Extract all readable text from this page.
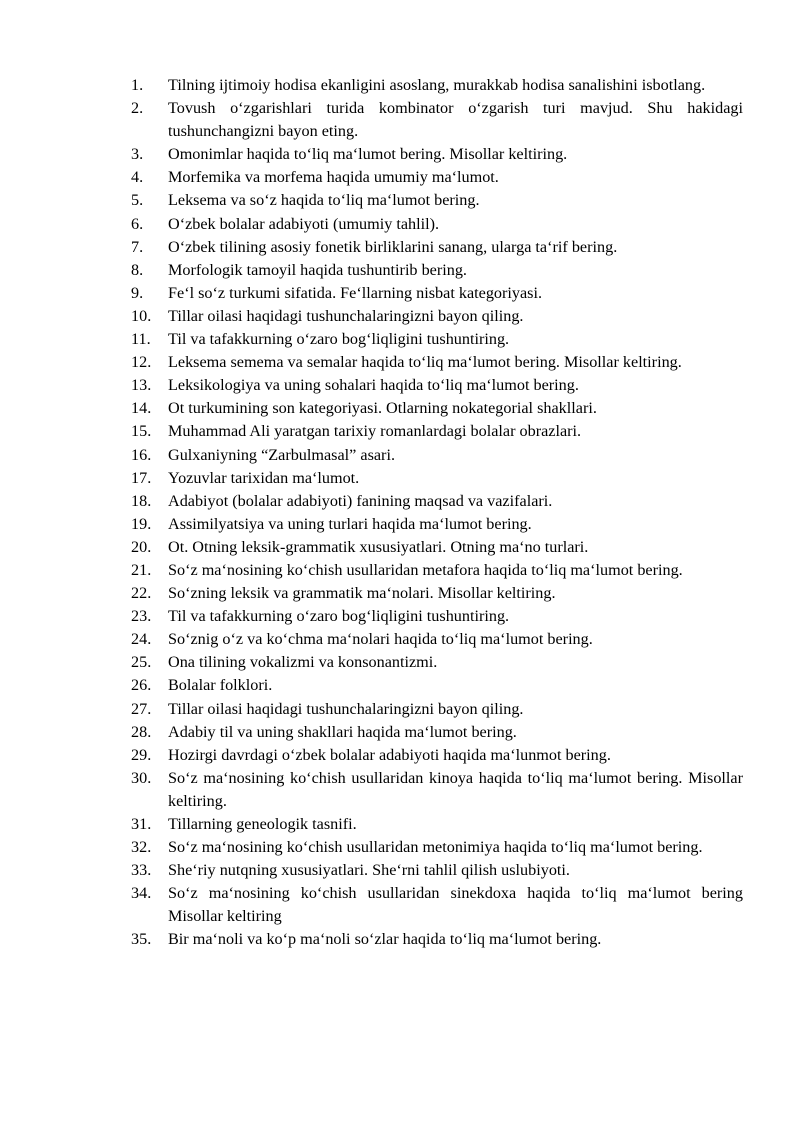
1.	Tilning ijtimoiy hodisa ekanligini asoslang, murakkab hodisa sanalishini isbotlang.
2.	Tovush o‘zgarishlari turida kombinator o‘zgarish turi mavjud. Shu hakidagi tushunchangizni bayon eting.
3.	Omonimlar haqida to‘liq ma‘lumot bering. Misollar keltiring.
4.	Morfemika va morfema haqida umumiy ma‘lumot.
5.	Leksema va so‘z haqida to‘liq ma‘lumot bering.
6.	O‘zbek bolalar adabiyoti (umumiy tahlil).
7.	O‘zbek tilining asosiy fonetik birliklarini sanang, ularga ta‘rif bering.
8.	Morfologik tamoyil haqida tushuntirib bering.
9.	Fe‘l so‘z turkumi sifatida. Fe‘llarning nisbat kategoriyasi.
10.	Tillar oilasi haqidagi tushunchalaringizni bayon qiling.
11.	Til va tafakkurning o‘zaro bog‘liqligini tushuntiring.
12.	Leksema semema va semalar haqida to‘liq ma‘lumot bering. Misollar keltiring.
13.	Leksikologiya va uning sohalari haqida to‘liq ma‘lumot bering.
14.	Ot turkumining son kategoriyasi. Otlarning nokategorial shakllari.
15.	Muhammad Ali yaratgan tarixiy romanlardagi bolalar obrazlari.
16.	Gulxaniyning “Zarbulmasal” asari.
17.	Yozuvlar tarixidan ma‘lumot.
18.	Adabiyot (bolalar adabiyoti) fanining maqsad va vazifalari.
19.	Assimilyatsiya va uning turlari haqida ma‘lumot bering.
20.	Ot. Otning leksik-grammatik xususiyatlari. Otning ma‘no turlari.
21.	So‘z ma‘nosining ko‘chish usullaridan metafora haqida to‘liq ma‘lumot bering.
22.	So‘zning leksik va grammatik ma‘nolari. Misollar keltiring.
23.	Til va tafakkurning o‘zaro bog‘liqligini tushuntiring.
24.	So‘znig o‘z va ko‘chma ma‘nolari haqida to‘liq ma‘lumot bering.
25.	Ona tilining vokalizmi va konsonantizmi.
26.	Bolalar folklori.
27.	Tillar oilasi haqidagi tushunchalaringizni bayon qiling.
28.	Adabiy til va uning shakllari haqida ma‘lumot bering.
29.	Hozirgi davrdagi o‘zbek bolalar adabiyoti haqida ma‘lunmot bering.
30.	So‘z ma‘nosining ko‘chish usullaridan kinoya haqida to‘liq ma‘lumot bering. Misollar keltiring.
31.	Tillarning geneologik tasnifi.
32.	So‘z ma‘nosining ko‘chish usullaridan metonimiya haqida to‘liq ma‘lumot bering.
33.	She‘riy nutqning xususiyatlari. She‘rni tahlil qilish uslubiyoti.
34.	So‘z ma‘nosining ko‘chish usullaridan sinekdoxa haqida to‘liq ma‘lumot bering Misollar keltiring
35.	Bir ma‘noli va ko‘p ma‘noli so‘zlar haqida to‘liq ma‘lumot bering.
